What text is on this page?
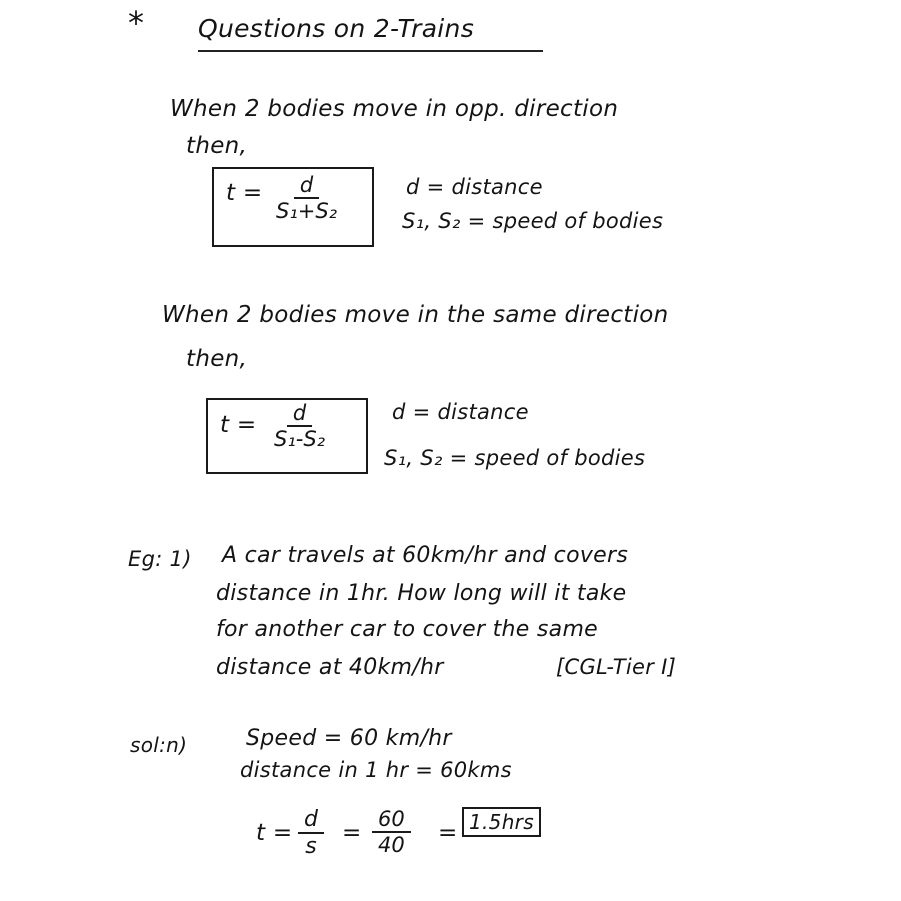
* Questions on 2-Trains
When 2 bodies move in opp. direction
then,
$t = \frac{d}{\text{S₁+S₂}}$	d = distance
S₁, S₂ = speed of bodies
When 2 bodies move in the same direction
then,
$t = \frac{d}{\text{S₁-S₂}}$	d = distance
S₁, S₂ = speed of bodies
Eg: 1) A car travels at 60km/hr and covers
distance in 1hr. How long will it take
for another car to cover the same
distance at 40km/hr	[CGL-Tier I]
sol:n)	Speed = 60 km/hr
distance in 1 hr = 60kms
$t = \frac{d}{s} = \frac{60}{40} = 1.5hrs$
